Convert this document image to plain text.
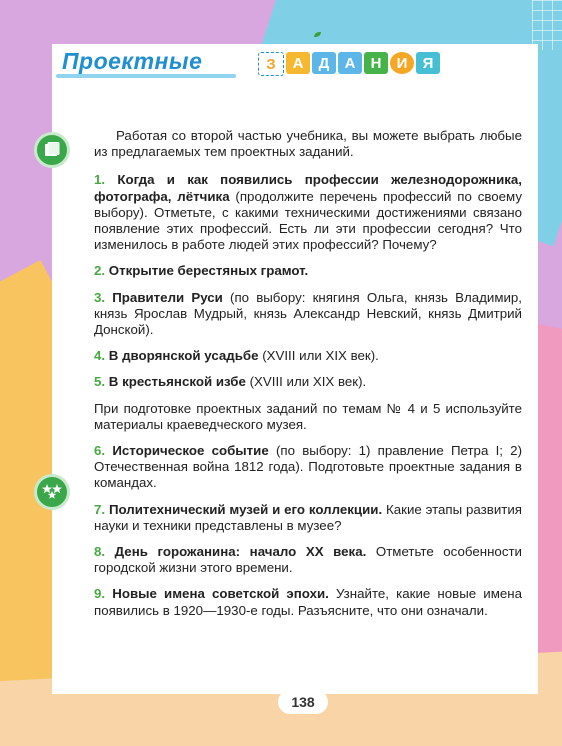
Проектные	З	А	Д	А	Н	И	Я

Работая со второй частью учебника, вы можете выбрать любые из предлагаемых тем проектных заданий.

1. Когда и как появились профессии железнодорожника, фотографа, лётчика (продолжите перечень профессий по своему выбору). Отметьте, с какими техническими достижениями связано появление этих профессий. Есть ли эти профессии сегодня? Что изменилось в работе людей этих профессий? Почему?

2. Открытие берестяных грамот.

3. Правители Руси (по выбору: княгиня Ольга, князь Владимир, князь Ярослав Мудрый, князь Александр Невский, князь Дмитрий Донской).

4. В дворянской усадьбе (XVIII или XIX век).

5. В крестьянской избе (XVIII или XIX век).

При подготовке проектных заданий по темам № 4 и 5 используйте материалы краеведческого музея.

6. Историческое событие (по выбору: 1) правление Петра I; 2) Отечественная война 1812 года). Подготовьте проектные задания в командах.

7. Политехнический музей и его коллекции. Какие этапы развития науки и техники представлены в музее?

8. День горожанина: начало XX века. Отметьте особенности городской жизни этого времени.

9. Новые имена советской эпохи. Узнайте, какие новые имена появились в 1920—1930-е годы. Разъясните, что они означали.

138
